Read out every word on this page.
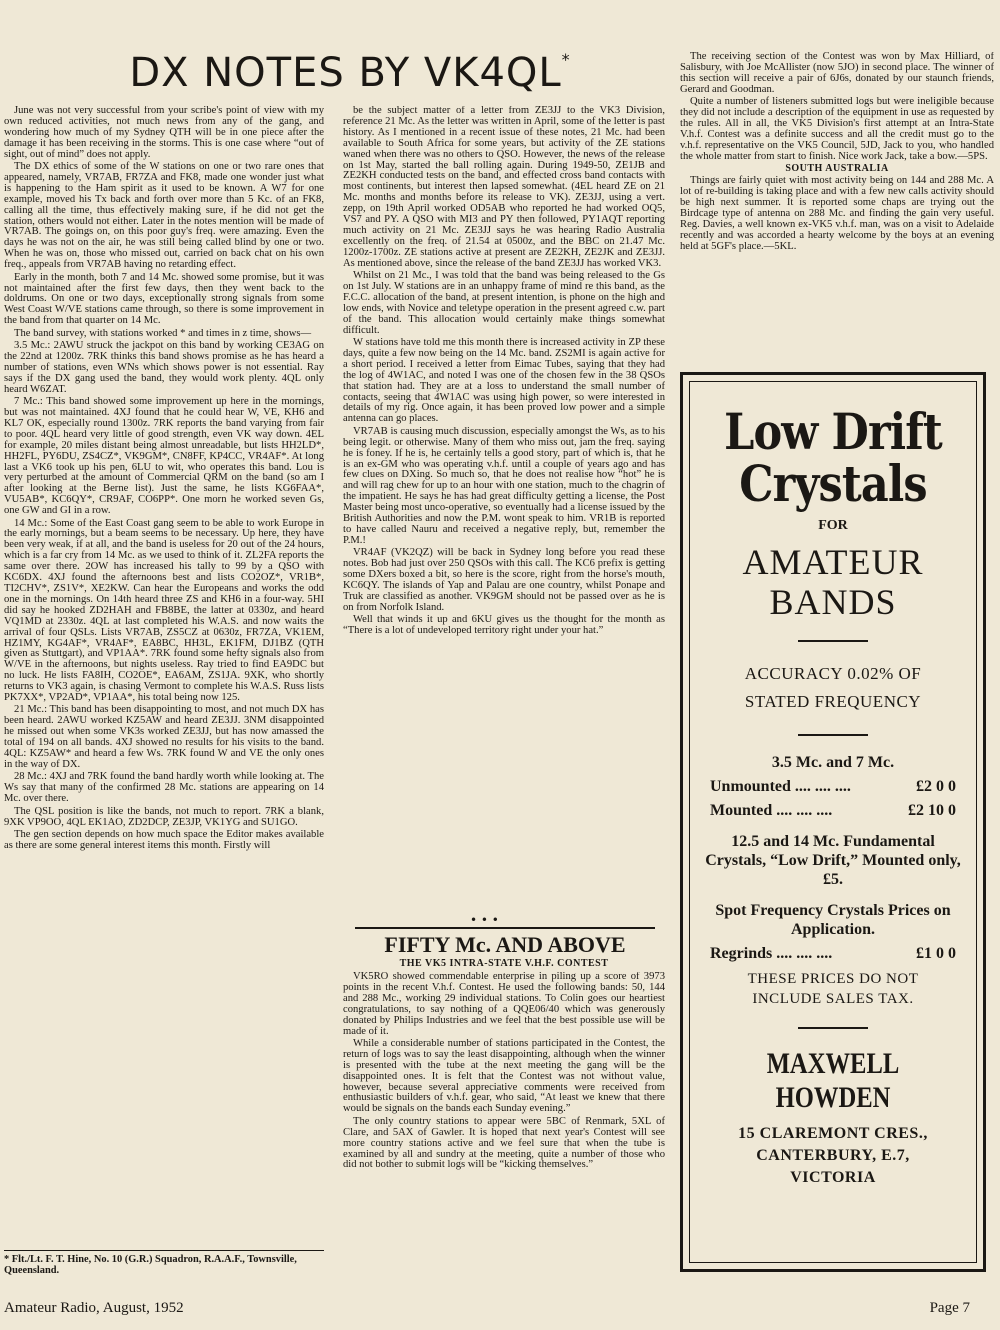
DX NOTES BY VK4QL*

June was not very successful from your scribe's point of view with my own reduced activities, not much news from any of the gang, and wondering how much of my Sydney QTH will be in one piece after the damage it has been receiving in the storms. This is one case where “out of sight, out of mind” does not apply.

The DX ethics of some of the W stations on one or two rare ones that appeared, namely, VR7AB, FR7ZA and FK8, made one wonder just what is happening to the Ham spirit as it used to be known. A W7 for one example, moved his Tx back and forth over more than 5 Kc. of an FK8, calling all the time, thus effectively making sure, if he did not get the station, others would not either. Later in the notes mention will be made of VR7AB. The goings on, on this poor guy's freq. were amazing. Even the days he was not on the air, he was still being called blind by one or two. When he was on, those who missed out, carried on back chat on his own freq., appeals from VR7AB having no retarding effect.

Early in the month, both 7 and 14 Mc. showed some promise, but it was not maintained after the first few days, then they went back to the doldrums. On one or two days, exceptionally strong signals from some West Coast W/VE stations came through, so there is some improvement in the band from that quarter on 14 Mc.

The band survey, with stations worked * and times in z time, shows—

3.5 Mc.: 2AWU struck the jackpot on this band by working CE3AG on the 22nd at 1200z. 7RK thinks this band shows promise as he has heard a number of stations, even WNs which shows power is not essential. Ray says if the DX gang used the band, they would work plenty. 4QL only heard W6ZAT.

7 Mc.: This band showed some improvement up here in the mornings, but was not maintained. 4XJ found that he could hear W, VE, KH6 and KL7 OK, especially round 1300z. 7RK reports the band varying from fair to poor. 4QL heard very little of good strength, even VK way down. 4EL for example, 20 miles distant being almost unreadable, but lists HH2LD*, HH2FL, PY6DU, ZS4CZ*, VK9GM*, CN8FF, KP4CC, VR4AF*. At long last a VK6 took up his pen, 6LU to wit, who operates this band. Lou is very perturbed at the amount of Commercial QRM on the band (so am I after looking at the Berne list). Just the same, he lists KG6FAA*, VU5AB*, KC6QY*, CR9AF, CO6PP*. One morn he worked seven Gs, one GW and GI in a row.

14 Mc.: Some of the East Coast gang seem to be able to work Europe in the early mornings, but a beam seems to be necessary. Up here, they have been very weak, if at all, and the band is useless for 20 out of the 24 hours, which is a far cry from 14 Mc. as we used to think of it. ZL2FA reports the same over there. 2OW has increased his tally to 99 by a QSO with KC6DX. 4XJ found the afternoons best and lists CO2OZ*, VR1B*, TI2CHV*, ZS1V*, XE2KW. Can hear the Europeans and works the odd one in the mornings. On 14th heard three ZS and KH6 in a four-way. 5HI did say he hooked ZD2HAH and FB8BE, the latter at 0330z, and heard VQ1MD at 2330z. 4QL at last completed his W.A.S. and now waits the arrival of four QSLs. Lists VR7AB, ZS5CZ at 0630z, FR7ZA, VK1EM, HZ1MY, KG4AF*, VR4AF*, EA8BC, HH3L, EK1FM, DJ1BZ (QTH given as Stuttgart), and VP1AA*. 7RK found some hefty signals also from W/VE in the afternoons, but nights useless. Ray tried to find EA9DC but no luck. He lists FA8IH, CO2OE*, EA6AM, ZS1JA. 9XK, who shortly returns to VK3 again, is chasing Vermont to complete his W.A.S. Russ lists PK7XX*, VP2AD*, VP1AA*, his total being now 125.

21 Mc.: This band has been disappointing to most, and not much DX has been heard. 2AWU worked KZ5AW and heard ZE3JJ. 3NM disappointed he missed out when some VK3s worked ZE3JJ, but has now amassed the total of 194 on all bands. 4XJ showed no results for his visits to the band. 4QL: KZ5AW* and heard a few Ws. 7RK found W and VE the only ones in the way of DX.

28 Mc.: 4XJ and 7RK found the band hardly worth while looking at. The Ws say that many of the confirmed 28 Mc. stations are appearing on 14 Mc. over there.

The QSL position is like the bands, not much to report. 7RK a blank, 9XK VP9OO, 4QL EK1AO, ZD2DCP, ZE3JP, VK1YG and SU1GO.

The gen section depends on how much space the Editor makes available as there are some general interest items this month. Firstly will

* Flt./Lt. F. T. Hine, No. 10 (G.R.) Squadron, R.A.A.F., Townsville, Queensland.

be the subject matter of a letter from ZE3JJ to the VK3 Division, reference 21 Mc. As the letter was written in April, some of the letter is past history. As I mentioned in a recent issue of these notes, 21 Mc. had been available to South Africa for some years, but activity of the ZE stations waned when there was no others to QSO. However, the news of the release on 1st May, started the ball rolling again. During 1949-50, ZE1JB and ZE2KH conducted tests on the band, and effected cross band contacts with most continents, but interest then lapsed somewhat. (4EL heard ZE on 21 Mc. months and months before its release to VK). ZE3JJ, using a vert. zepp, on 19th April worked OD5AB who reported he had worked OQ5, VS7 and PY. A QSO with MI3 and PY then followed, PY1AQT reporting much activity on 21 Mc. ZE3JJ says he was hearing Radio Australia excellently on the freq. of 21.54 at 0500z, and the BBC on 21.47 Mc. 1200z-1700z. ZE stations active at present are ZE2KH, ZE2JK and ZE3JJ. As mentioned above, since the release of the band ZE3JJ has worked VK3.

Whilst on 21 Mc., I was told that the band was being released to the Gs on 1st July. W stations are in an unhappy frame of mind re this band, as the F.C.C. allocation of the band, at present intention, is phone on the high and low ends, with Novice and teletype operation in the present agreed c.w. part of the band. This allocation would certainly make things somewhat difficult.

W stations have told me this month there is increased activity in ZP these days, quite a few now being on the 14 Mc. band. ZS2MI is again active for a short period. I received a letter from Eimac Tubes, saying that they had the log of 4W1AC, and noted I was one of the chosen few in the 38 QSOs that station had. They are at a loss to understand the small number of contacts, seeing that 4W1AC was using high power, so were interested in details of my rig. Once again, it has been proved low power and a simple antenna can go places.

VR7AB is causing much discussion, especially amongst the Ws, as to his being legit. or otherwise. Many of them who miss out, jam the freq. saying he is foney. If he is, he certainly tells a good story, part of which is, that he is an ex-GM who was operating v.h.f. until a couple of years ago and has few clues on DXing. So much so, that he does not realise how “hot” he is and will rag chew for up to an hour with one station, much to the chagrin of the impatient. He says he has had great difficulty getting a license, the Post Master being most unco-operative, so eventually had a license issued by the British Authorities and now the P.M. wont speak to him. VR1B is reported to have called Nauru and received a negative reply, but, remember the P.M.!

VR4AF (VK2QZ) will be back in Sydney long before you read these notes. Bob had just over 250 QSOs with this call. The KC6 prefix is getting some DXers boxed a bit, so here is the score, right from the horse's mouth, KC6QY. The islands of Yap and Palau are one country, whilst Ponape and Truk are classified as another. VK9GM should not be passed over as he is on from Norfolk Island.

Well that winds it up and 6KU gives us the thought for the month as “There is a lot of undeveloped territory right under your hat.”

• • •
FIFTY Mc. AND ABOVE
THE VK5 INTRA-STATE V.H.F. CONTEST

VK5RO showed commendable enterprise in piling up a score of 3973 points in the recent V.h.f. Contest. He used the following bands: 50, 144 and 288 Mc., working 29 individual stations. To Colin goes our heartiest congratulations, to say nothing of a QQE06/40 which was generously donated by Philips Industries and we feel that the best possible use will be made of it.

While a considerable number of stations participated in the Contest, the return of logs was to say the least disappointing, although when the winner is presented with the tube at the next meeting the gang will be the disappointed ones. It is felt that the Contest was not without value, however, because several appreciative comments were received from enthusiastic builders of v.h.f. gear, who said, “At least we knew that there would be signals on the bands each Sunday evening.”

The only country stations to appear were 5BC of Renmark, 5XL of Clare, and 5AX of Gawler. It is hoped that next year's Contest will see more country stations active and we feel sure that when the tube is examined by all and sundry at the meeting, quite a number of those who did not bother to submit logs will be “kicking themselves.”

The receiving section of the Contest was won by Max Hilliard, of Salisbury, with Joe McAllister (now 5JO) in second place. The winner of this section will receive a pair of 6J6s, donated by our staunch friends, Gerard and Goodman.

Quite a number of listeners submitted logs but were ineligible because they did not include a description of the equipment in use as requested by the rules. All in all, the VK5 Division's first attempt at an Intra-State V.h.f. Contest was a definite success and all the credit must go to the v.h.f. representative on the VK5 Council, 5JD, Jack to you, who handled the whole matter from start to finish. Nice work Jack, take a bow.—5PS.

SOUTH AUSTRALIA

Things are fairly quiet with most activity being on 144 and 288 Mc. A lot of re-building is taking place and with a few new calls activity should be high next summer. It is reported some chaps are trying out the Birdcage type of antenna on 288 Mc. and finding the gain very useful. Reg. Davies, a well known ex-VK5 v.h.f. man, was on a visit to Adelaide recently and was accorded a hearty welcome by the boys at an evening held at 5GF's place.—5KL.

Low Drift
Crystals
FOR
AMATEUR
BANDS
ACCURACY 0.02% OF
STATED FREQUENCY
3.5 Mc. and 7 Mc.
Unmounted .... .... ....	£2 0 0
Mounted .... .... ....	£2 10 0
12.5 and 14 Mc. Fundamental Crystals, “Low Drift,” Mounted only, £5.
Spot Frequency Crystals Prices on Application.
Regrinds .... .... ....	£1 0 0
THESE PRICES DO NOT
INCLUDE SALES TAX.
MAXWELL HOWDEN
15 CLAREMONT CRES.,
CANTERBURY, E.7,
VICTORIA
Amateur Radio, August, 1952	Page 7
